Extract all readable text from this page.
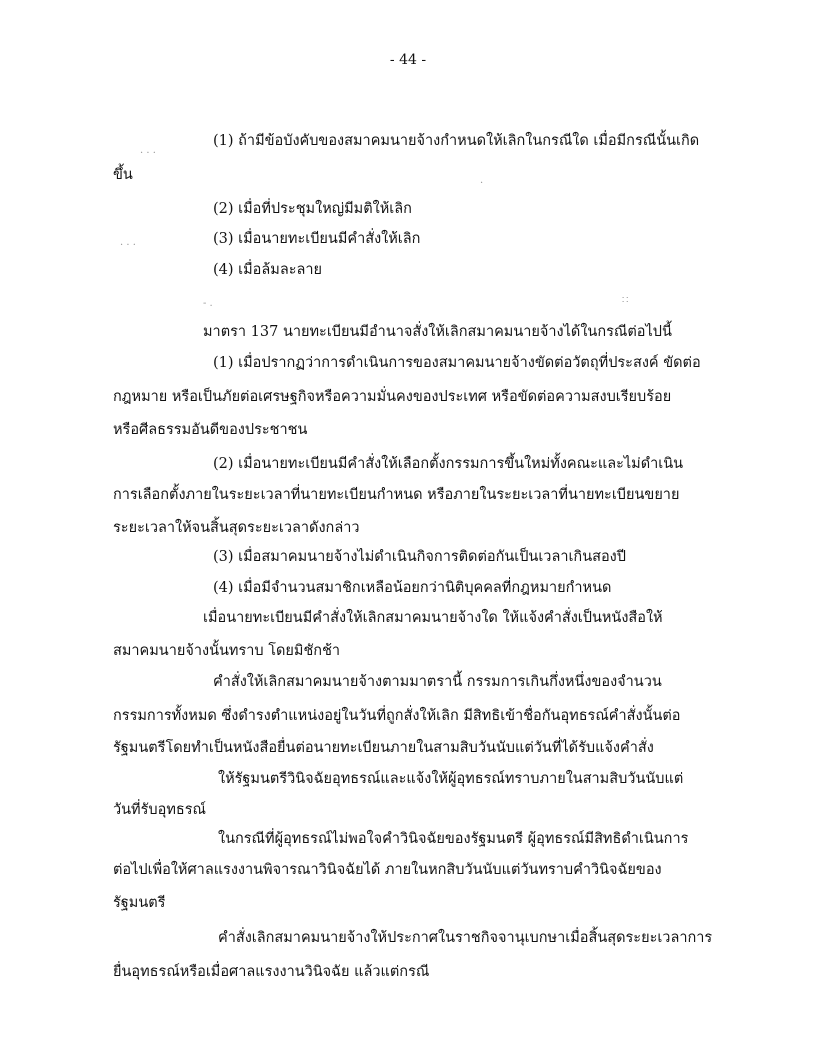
- 44 -
(1) ถ้ามีข้อบังคับของสมาคมนายจ้างกำหนดให้เลิกในกรณีใด เมื่อมีกรณีนั้นเกิด
ขึ้น
(2) เมื่อที่ประชุมใหญ่มีมติให้เลิก
(3) เมื่อนายทะเบียนมีคำสั่งให้เลิก
(4) เมื่อล้มละลาย
มาตรา 137 นายทะเบียนมีอำนาจสั่งให้เลิกสมาคมนายจ้างได้ในกรณีต่อไปนี้
(1) เมื่อปรากฏว่าการดำเนินการของสมาคมนายจ้างขัดต่อวัตถุที่ประสงค์ ขัดต่อ
กฎหมาย หรือเป็นภัยต่อเศรษฐกิจหรือความมั่นคงของประเทศ หรือขัดต่อความสงบเรียบร้อย
หรือศีลธรรมอันดีของประชาชน
(2) เมื่อนายทะเบียนมีคำสั่งให้เลือกตั้งกรรมการขึ้นใหม่ทั้งคณะและไม่ดำเนิน
การเลือกตั้งภายในระยะเวลาที่นายทะเบียนกำหนด หรือภายในระยะเวลาที่นายทะเบียนขยาย
ระยะเวลาให้จนสิ้นสุดระยะเวลาดังกล่าว
(3) เมื่อสมาคมนายจ้างไม่ดำเนินกิจการติดต่อกันเป็นเวลาเกินสองปี
(4) เมื่อมีจำนวนสมาชิกเหลือน้อยกว่านิติบุคคลที่กฎหมายกำหนด
เมื่อนายทะเบียนมีคำสั่งให้เลิกสมาคมนายจ้างใด ให้แจ้งคำสั่งเป็นหนังสือให้
สมาคมนายจ้างนั้นทราบ โดยมิชักช้า
คำสั่งให้เลิกสมาคมนายจ้างตามมาตรานี้ กรรมการเกินกึ่งหนึ่งของจำนวน
กรรมการทั้งหมด ซึ่งดำรงตำแหน่งอยู่ในวันที่ถูกสั่งให้เลิก มีสิทธิเข้าชื่อกันอุทธรณ์คำสั่งนั้นต่อ
รัฐมนตรีโดยทำเป็นหนังสือยื่นต่อนายทะเบียนภายในสามสิบวันนับแต่วันที่ได้รับแจ้งคำสั่ง
ให้รัฐมนตรีวินิจฉัยอุทธรณ์และแจ้งให้ผู้อุทธรณ์ทราบภายในสามสิบวันนับแต่
วันที่รับอุทธรณ์
ในกรณีที่ผู้อุทธรณ์ไม่พอใจคำวินิจฉัยของรัฐมนตรี ผู้อุทธรณ์มีสิทธิดำเนินการ
ต่อไปเพื่อให้ศาลแรงงานพิจารณาวินิจฉัยได้ ภายในหกสิบวันนับแต่วันทราบคำวินิจฉัยของ
รัฐมนตรี
คำสั่งเลิกสมาคมนายจ้างให้ประกาศในราชกิจจานุเบกษาเมื่อสิ้นสุดระยะเวลาการ
ยื่นอุทธรณ์หรือเมื่อศาลแรงงานวินิจฉัย แล้วแต่กรณี
· · ·
· · ·
- .	∷
·
